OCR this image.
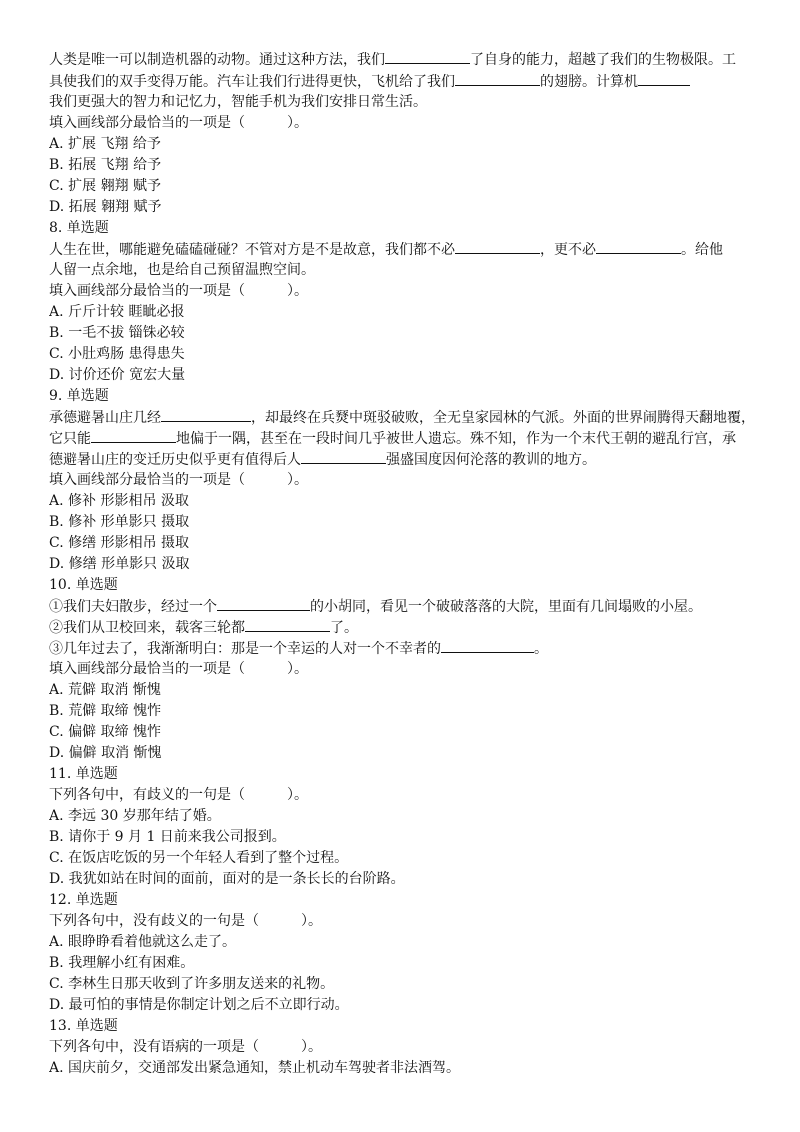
人类是唯一可以制造机器的动物。通过这种方法，我们	了自身的能力，超越了我们的生物极限。工
具使我们的双手变得万能。汽车让我们行进得更快，飞机给了我们	的翅膀。计算机
我们更强大的智力和记忆力，智能手机为我们安排日常生活。
填入画线部分最恰当的一项是（　　　）。
A. 扩展 飞翔 给予
B. 拓展 飞翔 给予
C. 扩展 翱翔 赋予
D. 拓展 翱翔 赋予
8. 单选题
人生在世，哪能避免磕磕碰碰？不管对方是不是故意，我们都不必	，更不必	。给他
人留一点余地，也是给自己预留温煦空间。
填入画线部分最恰当的一项是（　　　）。
A. 斤斤计较 睚眦必报
B. 一毛不拔 锱铢必较
C. 小肚鸡肠 患得患失
D. 讨价还价 宽宏大量
9. 单选题
承德避暑山庄几经	，却最终在兵燹中斑驳破败，全无皇家园林的气派。外面的世界闹腾得天翻地覆，
它只能	地偏于一隅，甚至在一段时间几乎被世人遗忘。殊不知，作为一个末代王朝的避乱行宫，承
德避暑山庄的变迁历史似乎更有值得后人	强盛国度因何沦落的教训的地方。
填入画线部分最恰当的一项是（　　　）。
A. 修补 形影相吊 汲取
B. 修补 形单影只 摄取
C. 修缮 形影相吊 摄取
D. 修缮 形单影只 汲取
10. 单选题
①我们夫妇散步，经过一个	的小胡同，看见一个破破落落的大院，里面有几间塌败的小屋。
②我们从卫校回来，载客三轮都	了。
③几年过去了，我渐渐明白：那是一个幸运的人对一个不幸者的	。
填入画线部分最恰当的一项是（　　　）。
A. 荒僻 取消 惭愧
B. 荒僻 取缔 愧怍
C. 偏僻 取缔 愧怍
D. 偏僻 取消 惭愧
11. 单选题
下列各句中，有歧义的一句是（　　　）。
A. 李远 30 岁那年结了婚。
B. 请你于 9 月 1 日前来我公司报到。
C. 在饭店吃饭的另一个年轻人看到了整个过程。
D. 我犹如站在时间的面前，面对的是一条长长的台阶路。
12. 单选题
下列各句中，没有歧义的一句是（　　　）。
A. 眼睁睁看着他就这么走了。
B. 我理解小红有困难。
C. 李林生日那天收到了许多朋友送来的礼物。
D. 最可怕的事情是你制定计划之后不立即行动。
13. 单选题
下列各句中，没有语病的一项是（　　　）。
A. 国庆前夕，交通部发出紧急通知，禁止机动车驾驶者非法酒驾。
